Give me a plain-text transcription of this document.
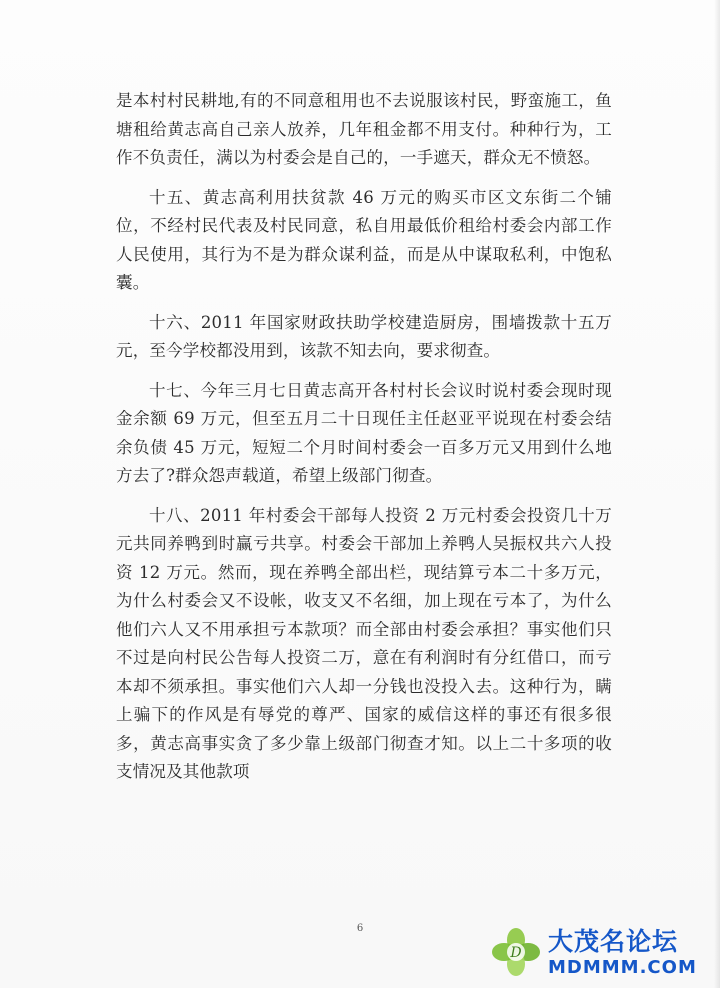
是本村村民耕地,有的不同意租用也不去说服该村民，野蛮施工，鱼塘租给黄志高自己亲人放养，几年租金都不用支付。种种行为，工作不负责任，满以为村委会是自己的，一手遮天，群众无不愤怒。

十五、黄志高利用扶贫款 46 万元的购买市区文东街二个铺位，不经村民代表及村民同意，私自用最低价租给村委会内部工作人民使用，其行为不是为群众谋利益，而是从中谋取私利，中饱私囊。

十六、2011 年国家财政扶助学校建造厨房，围墙拨款十五万元，至今学校都没用到，该款不知去向，要求彻查。

十七、今年三月七日黄志高开各村村长会议时说村委会现时现金余额 69 万元，但至五月二十日现任主任赵亚平说现在村委会结余负债 45 万元，短短二个月时间村委会一百多万元又用到什么地方去了?群众怨声载道，希望上级部门彻查。

十八、2011 年村委会干部每人投资 2 万元村委会投资几十万元共同养鸭到时赢亏共享。村委会干部加上养鸭人吴振权共六人投资 12 万元。然而，现在养鸭全部出栏，现结算亏本二十多万元，为什么村委会又不设帐，收支又不名细，加上现在亏本了，为什么他们六人又不用承担亏本款项？而全部由村委会承担？事实他们只不过是向村民公告每人投资二万，意在有利润时有分红借口，而亏本却不须承担。事实他们六人却一分钱也没投入去。这种行为，瞒上骗下的作风是有辱党的尊严、国家的威信这样的事还有很多很多，黄志高事实贪了多少靠上级部门彻查才知。以上二十多项的收支情况及其他款项

6
D 大茂名论坛
MDMMM.COM
